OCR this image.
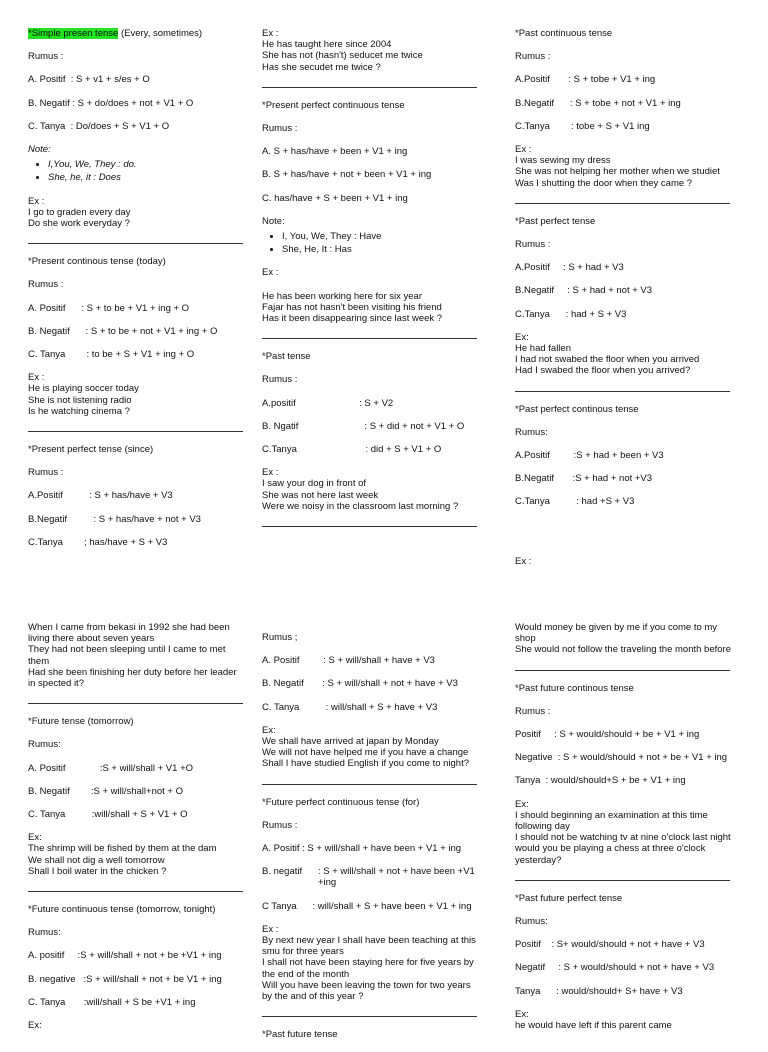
*Simple presen tense (Every, sometimes)
Rumus :
A. Positif : S + v1 + s/es + O
B. Negatif : S + do/does + not + V1 + O
C. Tanya : Do/does + S + V1 + O
Note:
• I,You, We, They : do.
• She, he, it : Does
Ex :
I go to graden every day
Do she work everyday ?
*Present continous tense (today)
Rumus :
A. Positif : S + to be + V1 + ing + O
B. Negatif : S + to be + not + V1 + ing + O
C. Tanya : to be + S + V1 + ing + O
Ex :
He is playing soccer today
She is not listening radio
Is he watching cinema ?
*Present perfect tense (since)
Rumus :
A.Positif : S + has/have + V3
B.Negatif : S + has/have + not + V3
C.Tanya ; has/have + S + V3
When I came from bekasi in 1992 she had been living there about seven years
They had not been sleeping until I came to met them
Had she been finishing her duty before her leader in spected it?
*Future tense (tomorrow)
Rumus:
A. Positif :S + will/shall + V1 +O
B. Negatif :S + will/shall+not + O
C. Tanya :will/shall + S + V1 + O
Ex:
The shrimp will be fished by them at the dam
We shall not dig a well tomorrow
Shall I boil water in the chicken ?
*Future continuous tense (tomorrow, tonight)
Rumus:
A. positif :S + will/shall + not + be +V1 + ing
B. negative :S + will/shall + not + be V1 + ing
C. Tanya :will/shall + S be +V1 + ing
Ex:
Ex :
He has taught here since 2004
She has not (hasn't) seducet me twice
Has she secudet me twice ?
*Present perfect continuous tense
Rumus :
A. S + has/have + been + V1 + ing
B. S + has/have + not + been + V1 + ing
C. has/have + S + been + V1 + ing
Note:
• I, You, We, They : Have
• She, He, It : Has
Ex :
He has been working here for six year
Fajar has not hasn't been visiting his friend
Has it been disappearing since last week ?
*Past tense
Rumus :
A.positif : S + V2
B. Ngatif : S + did + not + V1 + O
C.Tanya : did + S + V1 + O
Ex :
I saw your dog in front of
She was not here last week
Were we noisy in the classroom last morning ?
Rumus ;
A. Positif : S + will/shall + have + V3
B. Negatif : S + will/shall + not + have + V3
C. Tanya : will/shall + S + have + V3
Ex:
We shall have arrived at japan by Monday
We will not have helped me if you have a change
Shall I have studied English if you come to night?
*Future perfect continuous tense (for)
Rumus :
A. Positif : S + will/shall + have been + V1 + ing
B. negatif : S + will/shall + not + have been +V1 +ing
C Tanya : will/shall + S + have been + V1 + ing
Ex :
By next new year I shall have been teaching at this smu for three years
I shall not have been staying here for five years by the end of the month
Will you have been leaving the town for two years by the and of this year ?
*Past future tense
*Past continuous tense
Rumus :
A.Positif : S + tobe + V1 + ing
B.Negatif : S + tobe + not + V1 + ing
C.Tanya : tobe + S + V1 ing
Ex :
I was sewing my dress
She was not helping her mother when we studiet
Was I shutting the door when they came ?
*Past perfect tense
Rumus :
A.Positif : S + had + V3
B.Negatif : S + had + not + V3
C.Tanya : had + S + V3
Ex:
He had fallen
I had not swabed the floor when you arrived
Had I swabed the floor when you arrived?
*Past perfect continous tense
Rumus:
A.Positif :S + had + been + V3
B.Negatif :S + had + not +V3
C.Tanya : had +S + V3
Ex :
Would money be given by me if you come to my shop
She would not follow the traveling the month before
*Past future continous tense
Rumus :
Positif : S + would/should + be + V1 + ing
Negative : S + would/should + not + be + V1 + ing
Tanya : would/should+S + be + V1 + ing
Ex:
I should beginning an examination at this time following day
I should not be watching tv at nine o'clock last night would you be playing a chess at three o'clock yesterday?
*Past future perfect tense
Rumus:
Positif : S+ would/should + not + have + V3
Negatif : S + would/should + not + have + V3
Tanya : would/should+ S+ have + V3
Ex:
he would have left if this parent came
